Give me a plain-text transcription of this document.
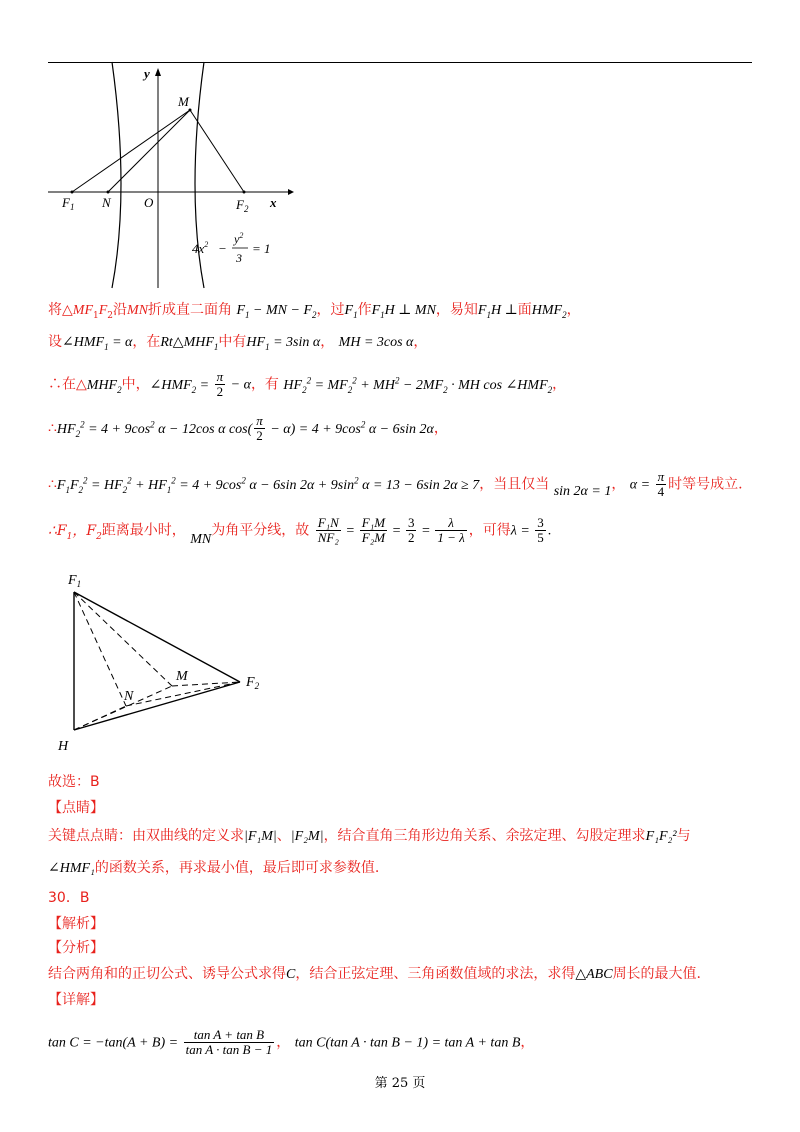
y
M
$F_1$ N	O	$F_2$ x
$4x^2$ −
$y^2$
3
= 1
将$\triangle MF_1F_2$沿MN折成直二面角 $F_1$ − MN − $F_2$，过$F_1$作$F_1H$ ⊥ MN，易知$F_1H$ ⊥面$HMF_2$，
设$\angle HMF_1 = \alpha$，在$Rt\triangle MHF_1$中有$HF_1 = 3\sin$ α， MH = 3cos α，
∴在$\triangle MHF_2$中，$\angle HMF_2 = \frac{\pi}{2} - \alpha$，有 $HF_2^2 = MF_2^2 + MH^2 - 2MF_2$ · MH $\cos \angle HMF_2$，
$\therefore HF_2^2 = 4 + 9\cos^2$ α − 12cos α $\cos( \frac{\pi}{2} - \alpha) = 4 + 9\cos^2$ α − 6sin 2α，
$\therefore F_1F_2^2 = HF_2^2 + HF_1^2 = 4 + 9\cos^2$ α − 6sin $2\alpha + 9\sin^2$ α = 13 − 6sin 2α ≥ 7，当且仅当 sin 2α = 1， $\alpha = \frac{\pi}{4}$ 时等号成立.
$\therefore F_1$，$F_2$距离最小时， MN为角平分线，故 $\frac{\text{F₁N}}{\text{NF₂}} = \frac{\text{F₁M}}{\text{F₂M}} = \frac{3}{2} = \frac{\lambda}{1 - \lambda}$ ，可得$\lambda = \frac{3}{5}$ .
$F_1$
M
N
$F_2$
H
故选：B
【点睛】
关键点点睛：由双曲线的定义求|F₁M|、|F₂M|，结合直角三角形边角关系、余弦定理、勾股定理求F₁F₂²与
∠HMF₁的函数关系，再求最小值，最后即可求参数值.
30．B
【解析】
【分析】
结合两角和的正切公式、诱导公式求得C，结合正弦定理、三角函数值域的求法，求得△ABC周长的最大值.
【详解】
$\tan C = -\tan(A + B) = \frac{\text{tan A + tan B}}{\text{tan A · tan B − 1}}$ ， tan C(tan A · tan B − 1) = tan A + tan B，
第 25 页
